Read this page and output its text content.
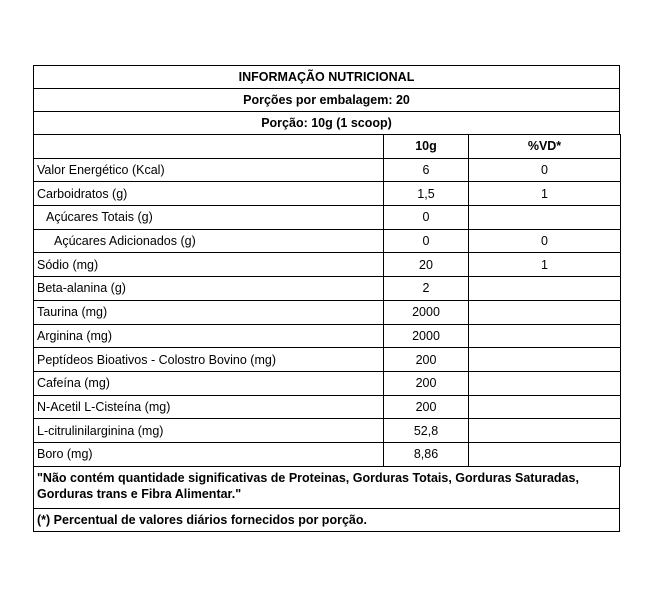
INFORMAÇÃO NUTRICIONAL
Porções por embalagem: 20
Porção: 10g (1 scoop)
	10g	%VD*
Valor Energético (Kcal)	6	0
Carboidratos (g)	1,5	1
Açúcares Totais (g)	0	
Açúcares Adicionados (g)	0	0
Sódio (mg)	20	1
Beta-alanina (g)	2	
Taurina (mg)	2000	
Arginina (mg)	2000	
Peptídeos Bioativos - Colostro Bovino (mg)	200	
Cafeína (mg)	200	
N-Acetil L-Cisteína (mg)	200	
L-citrulinilarginina (mg)	52,8	
Boro (mg)	8,86	
"Não contém quantidade significativas de Proteinas, Gorduras Totais, Gorduras Saturadas, Gorduras trans e Fibra Alimentar."
(*) Percentual de valores diários fornecidos por porção.
